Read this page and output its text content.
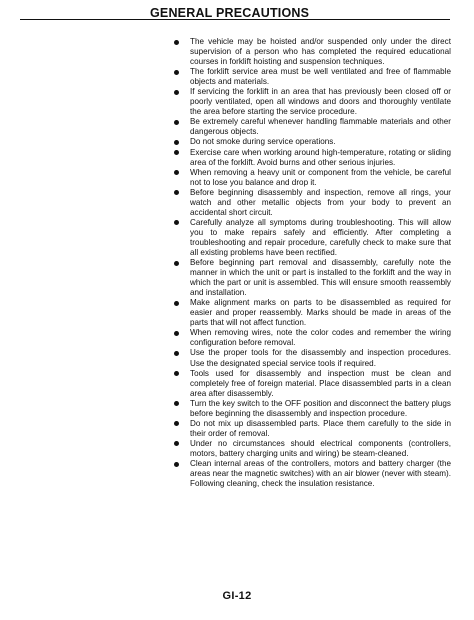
GENERAL PRECAUTIONS
The vehicle may be hoisted and/or suspended only under the direct supervision of a person who has completed the required educational courses in forklift hoisting and suspension techniques.
The forklift service area must be well ventilated and free of flammable objects and materials.
If servicing the forklift in an area that has previously been closed off or poorly ventilated, open all windows and doors and thoroughly ventilate the area before starting the service procedure.
Be extremely careful whenever handling flammable materials and other dangerous objects.
Do not smoke during service operations.
Exercise care when working around high-temperature, rotating or sliding area of the forklift. Avoid burns and other serious injuries.
When removing a heavy unit or component from the vehicle, be careful not to lose you balance and drop it.
Before beginning disassembly and inspection, remove all rings, your watch and other metallic objects from your body to prevent an accidental short circuit.
Carefully analyze all symptoms during troubleshooting. This will allow you to make repairs safely and efficiently. After completing a troubleshooting and repair procedure, carefully check to make sure that all existing problems have been rectified.
Before beginning part removal and disassembly, carefully note the manner in which the unit or part is installed to the forklift and the way in which the part or unit is assembled. This will ensure smooth reassembly and installation.
Make alignment marks on parts to be disassembled as required for easier and proper reassembly. Marks should be made in areas of the parts that will not affect function.
When removing wires, note the color codes and remember the wiring configuration before removal.
Use the proper tools for the disassembly and inspection procedures. Use the designated special service tools if required.
Tools used for disassembly and inspection must be clean and completely free of foreign material. Place disassembled parts in a clean area after disassembly.
Turn the key switch to the OFF position and disconnect the battery plugs before beginning the disassembly and inspection procedure.
Do not mix up disassembled parts. Place them carefully to the side in their order of removal.
Under no circumstances should electrical components (controllers, motors, battery charging units and wiring) be steam-cleaned.
Clean internal areas of the controllers, motors and battery charger (the areas near the magnetic switches) with an air blower (never with steam). Following cleaning, check the insulation resistance.
GI-12
